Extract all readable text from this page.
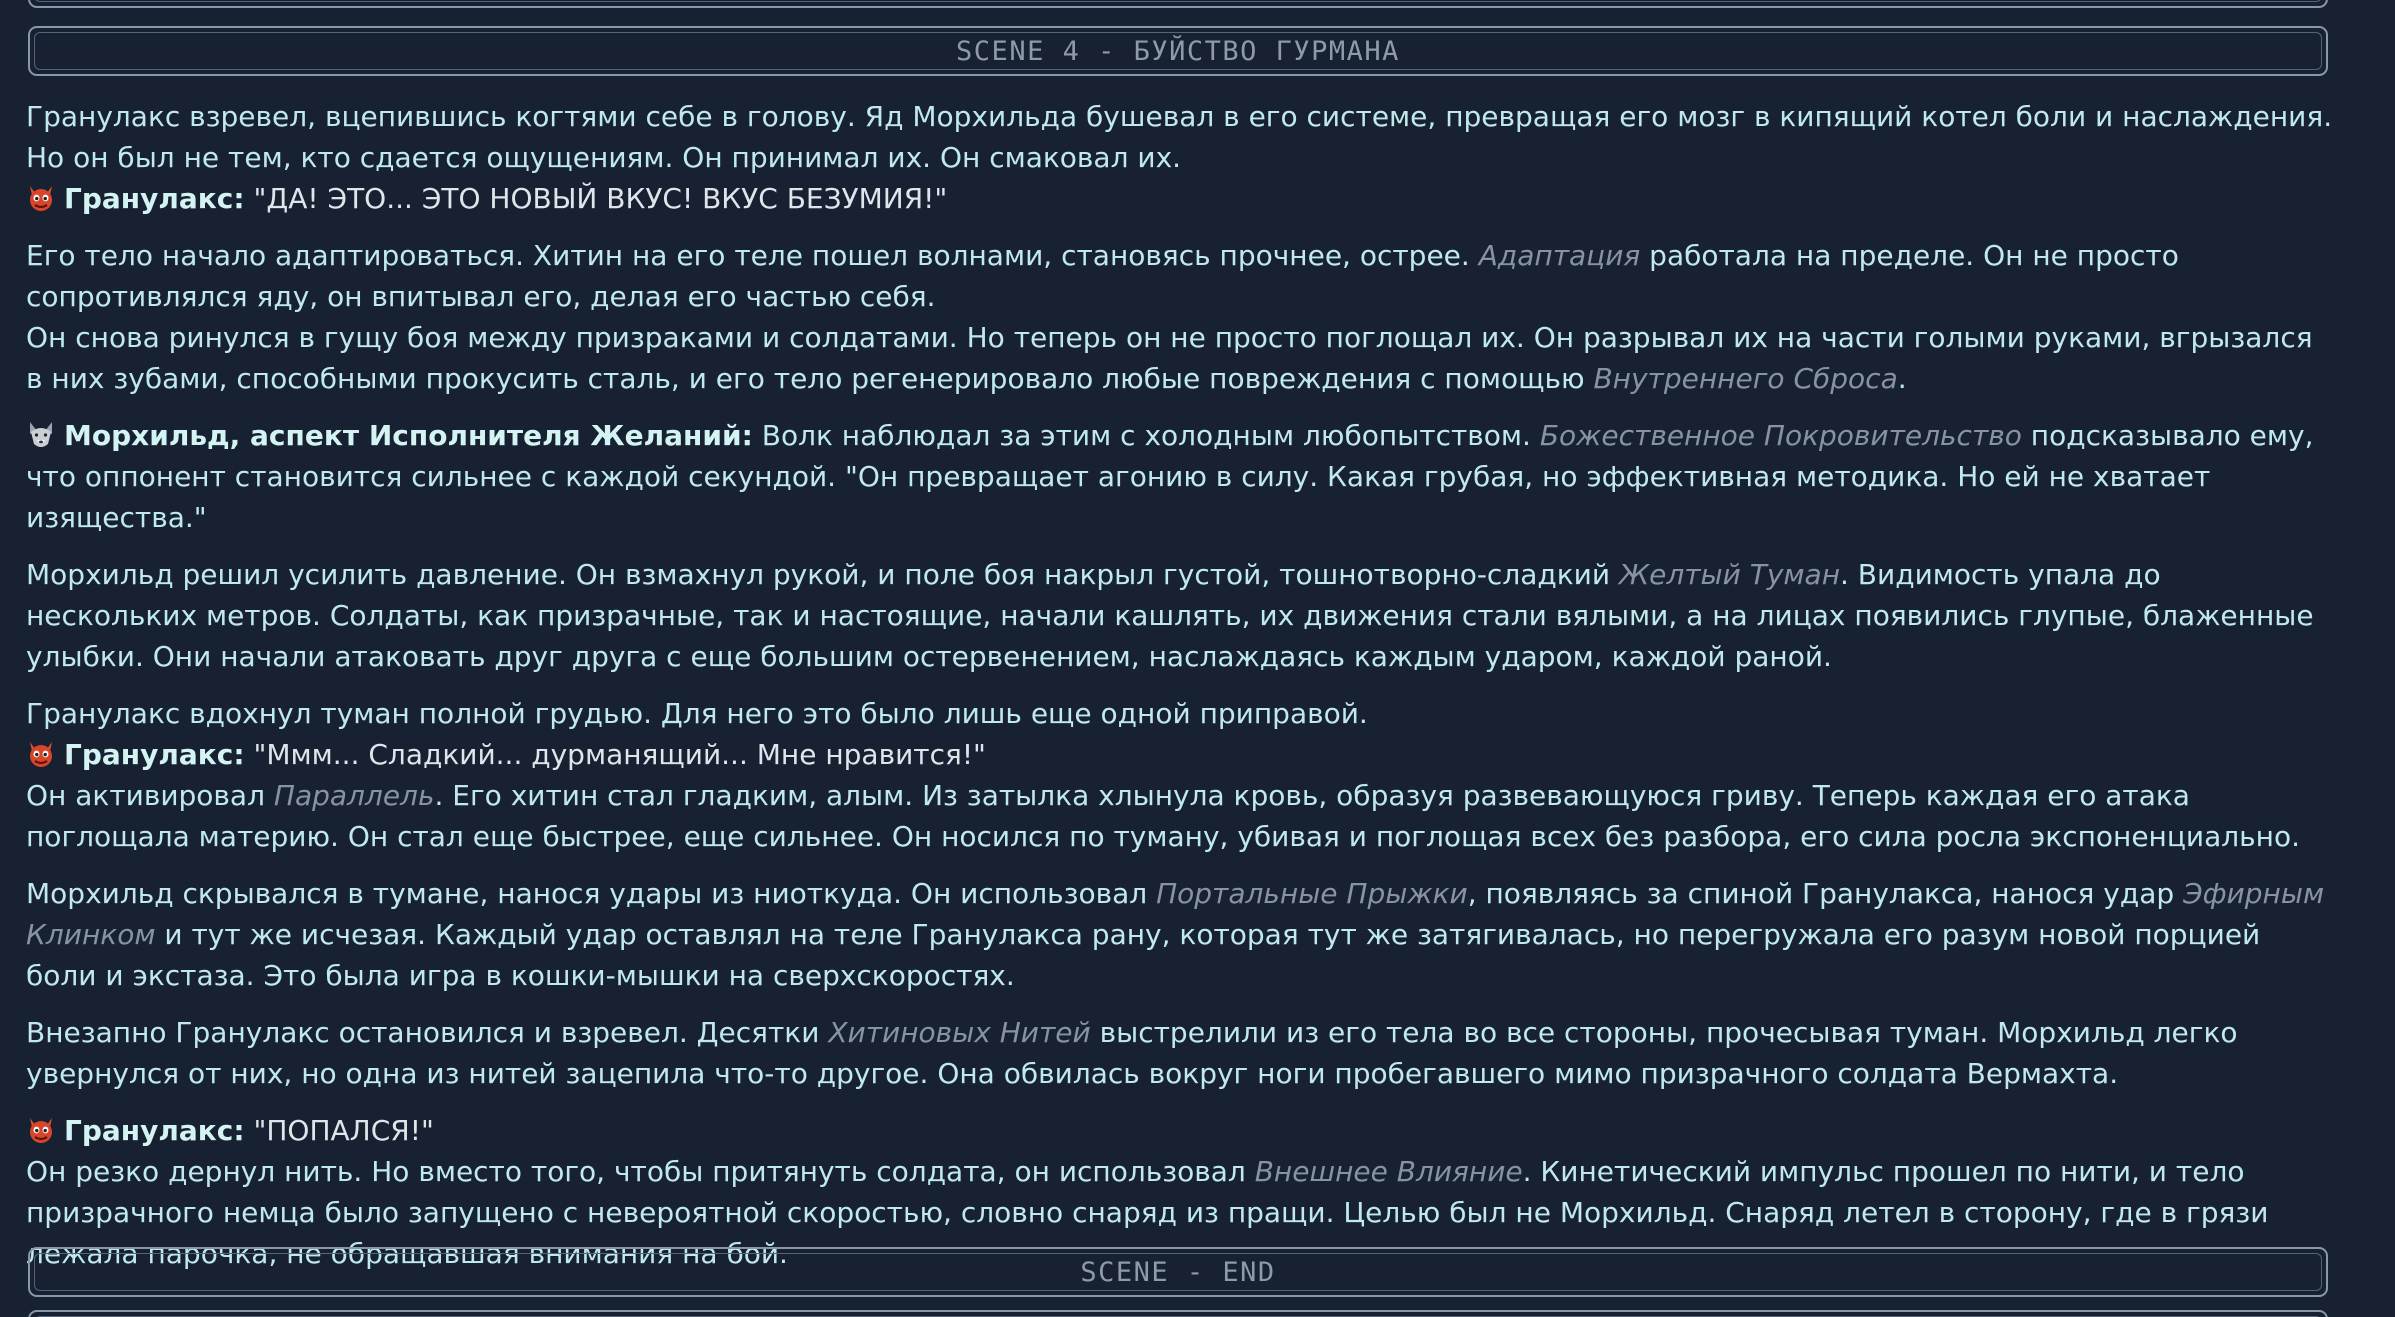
SCENE 4 - БУЙСТВО ГУРМАНА
Гранулакс взревел, вцепившись когтями себе в голову. Яд Морхильда бушевал в его системе, превращая его мозг в кипящий котел боли и наслаждения. Но он был не тем, кто сдается ощущениям. Он принимал их. Он смаковал их.
Гранулакс: "ДА! ЭТО... ЭТО НОВЫЙ ВКУС! ВКУС БЕЗУМИЯ!"
Его тело начало адаптироваться. Хитин на его теле пошел волнами, становясь прочнее, острее. Адаптация работала на пределе. Он не просто сопротивлялся яду, он впитывал его, делая его частью себя.
Он снова ринулся в гущу боя между призраками и солдатами. Но теперь он не просто поглощал их. Он разрывал их на части голыми руками, вгрызался в них зубами, способными прокусить сталь, и его тело регенерировало любые повреждения с помощью Внутреннего Сброса.
Морхильд, аспект Исполнителя Желаний: Волк наблюдал за этим с холодным любопытством. Божественное Покровительство подсказывало ему, что оппонент становится сильнее с каждой секундой. "Он превращает агонию в силу. Какая грубая, но эффективная методика. Но ей не хватает изящества."
Морхильд решил усилить давление. Он взмахнул рукой, и поле боя накрыл густой, тошнотворно-сладкий Желтый Туман. Видимость упала до нескольких метров. Солдаты, как призрачные, так и настоящие, начали кашлять, их движения стали вялыми, а на лицах появились глупые, блаженные улыбки. Они начали атаковать друг друга с еще большим остервенением, наслаждаясь каждым ударом, каждой раной.
Гранулакс вдохнул туман полной грудью. Для него это было лишь еще одной приправой.
Гранулакс: "Ммм... Сладкий... дурманящий... Мне нравится!"
Он активировал Параллель. Его хитин стал гладким, алым. Из затылка хлынула кровь, образуя развевающуюся гриву. Теперь каждая его атака поглощала материю. Он стал еще быстрее, еще сильнее. Он носился по туману, убивая и поглощая всех без разбора, его сила росла экспоненциально.
Морхильд скрывался в тумане, нанося удары из ниоткуда. Он использовал Портальные Прыжки, появляясь за спиной Гранулакса, нанося удар Эфирным Клинком и тут же исчезая. Каждый удар оставлял на теле Гранулакса рану, которая тут же затягивалась, но перегружала его разум новой порцией боли и экстаза. Это была игра в кошки-мышки на сверхскоростях.
Внезапно Гранулакс остановился и взревел. Десятки Хитиновых Нитей выстрелили из его тела во все стороны, прочесывая туман. Морхильд легко увернулся от них, но одна из нитей зацепила что-то другое. Она обвилась вокруг ноги пробегавшего мимо призрачного солдата Вермахта.
Гранулакс: "ПОПАЛСЯ!"
Он резко дернул нить. Но вместо того, чтобы притянуть солдата, он использовал Внешнее Влияние. Кинетический импульс прошел по нити, и тело призрачного немца было запущено с невероятной скоростью, словно снаряд из пращи. Целью был не Морхильд. Снаряд летел в сторону, где в грязи лежала парочка, не обращавшая внимания на бой.
SCENE - END
